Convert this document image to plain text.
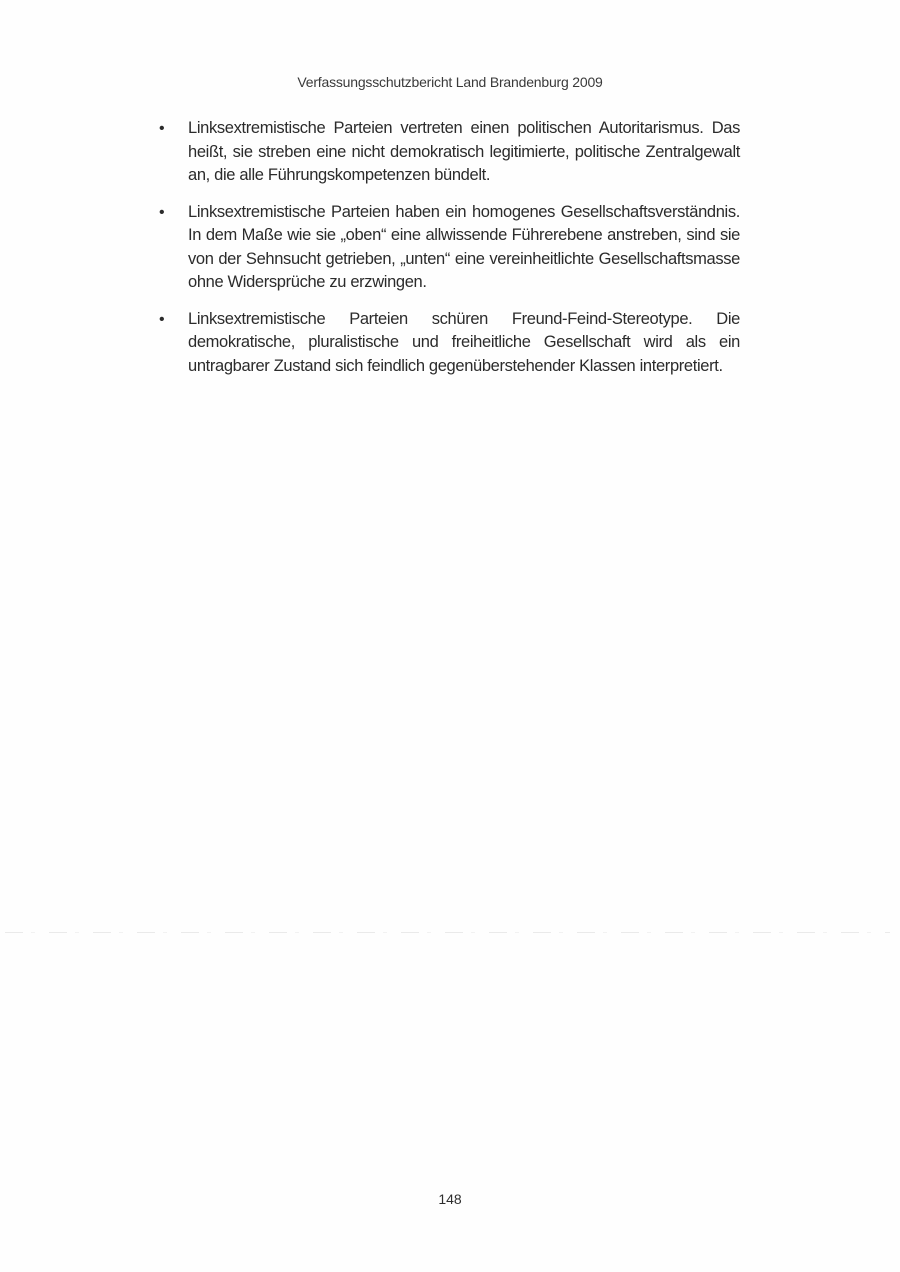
Verfassungsschutzbericht Land Brandenburg 2009
• Linksextremistische Parteien vertreten einen politischen Autoritarismus. Das heißt, sie streben eine nicht demokratisch legitimierte, politische Zentralgewalt an, die alle Führungskompetenzen bündelt.
• Linksextremistische Parteien haben ein homogenes Gesellschaftsverständnis. In dem Maße wie sie „oben“ eine allwissende Führerebene anstreben, sind sie von der Sehnsucht getrieben, „unten“ eine vereinheitlichte Gesellschaftsmasse ohne Widersprüche zu erzwingen.
• Linksextremistische Parteien schüren Freund-Feind-Stereotype. Die demokratische, pluralistische und freiheitliche Gesellschaft wird als ein untragbarer Zustand sich feindlich gegenüberstehender Klassen interpretiert.
148
